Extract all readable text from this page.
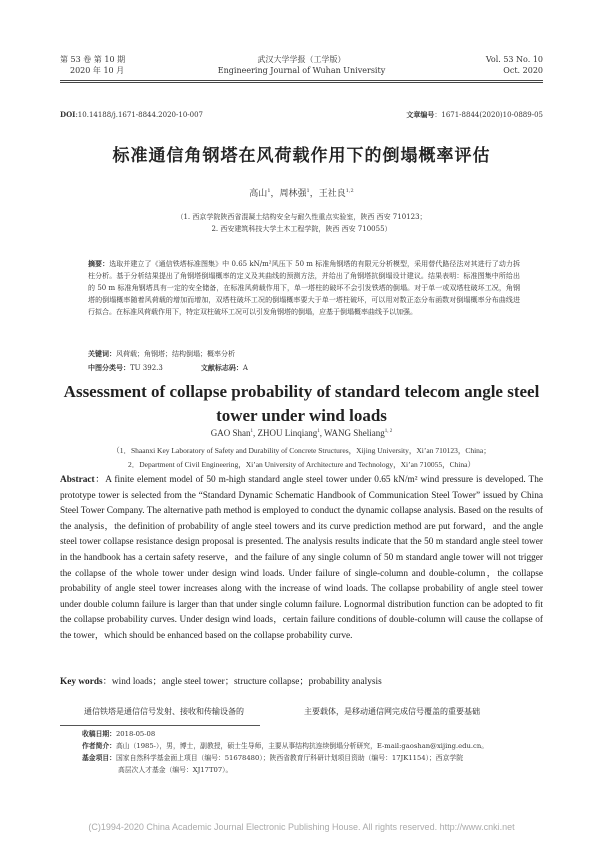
第 53 卷 第 10 期
2020 年 10 月
武汉大学学报（工学版）
Engineering Journal of Wuhan University
Vol. 53 No. 10
Oct. 2020
DOI:10.14188/j.1671-8844.2020-10-007	文章编号：1671-8844(2020)10-0889-05
标准通信角钢塔在风荷载作用下的倒塌概率评估
高山$^1$，周林强$^1$，王社良$^{1,2}$
（1. 西京学院陕西省混凝土结构安全与耐久性重点实验室，陕西 西安 710123；
2. 西安建筑科技大学土木工程学院，陕西 西安 710055）
摘要：选取并建立了《通信铁塔标准图集》中 0.65 kN/m²风压下 50 m 标准角钢塔的有限元分析模型，采用替代路径法对其进行了动力拆柱分析。基于分析结果提出了角钢塔倒塌概率的定义及其曲线的预测方法，并给出了角钢塔抗倒塌设计建议。结果表明：标准图集中所给出的 50 m 标准角钢塔具有一定的安全储备，在标准风荷载作用下，单一塔柱的破坏不会引发铁塔的倒塌。对于单一或双塔柱破坏工况，角钢塔的倒塌概率随着风荷载的增加而增加，双塔柱破坏工况的倒塌概率要大于单一塔柱破坏，可以用对数正态分布函数对倒塌概率分布曲线进行拟合。在标准风荷载作用下，特定双柱破坏工况可以引发角钢塔的倒塌，应基于倒塌概率曲线予以加强。
关键词：风荷载；角钢塔；结构倒塌；概率分析
中图分类号：TU 392.3	文献标志码：A
Assessment of collapse probability of standard telecom angle steel
tower under wind loads
GAO Shan$^1$, ZHOU Linqiang$^1$, WANG Sheliang$^{1, 2}$
（1．Shaanxi Key Laboratory of Safety and Durability of Concrete Structures，Xijing University，Xi’an 710123，China；
2．Department of Civil Engineering，Xi’an University of Architecture and Technology，Xi’an 710055，China）
Abstract：A finite element model of 50 m-high standard angle steel tower under 0.65 kN/m² wind pressure is developed. The prototype tower is selected from the “Standard Dynamic Schematic Handbook of Communication Steel Tower” issued by China Steel Tower Company. The alternative path method is employed to conduct the dynamic collapse analysis. Based on the results of the analysis，the definition of probability of angle steel towers and its curve prediction method are put forward，and the angle steel tower collapse resistance design proposal is presented. The analysis results indicate that the 50 m standard angle steel tower in the handbook has a certain safety reserve，and the failure of any single column of 50 m standard angle tower will not trigger the collapse of the whole tower under design wind loads. Under failure of single-column and double-column，the collapse probability of angle steel tower increases along with the increase of wind loads. The collapse probability of angle steel tower under double column failure is larger than that under single column failure. Lognormal distribution function can be adopted to fit the collapse probability curves. Under design wind loads，certain failure conditions of double-column will cause the collapse of the tower，which should be enhanced based on the collapse probability curve.
Key words：wind loads；angle steel tower；structure collapse；probability analysis
通信铁塔是通信信号发射、接收和传输设备的	主要载体，是移动通信网完成信号覆盖的重要基础
收稿日期：2018-05-08
作者简介：高山（1985-），男，博士，副教授，硕士生导师，主要从事结构抗连续倒塌分析研究，E-mail:gaoshan@xijing.edu.cn。
基金项目：国家自然科学基金面上项目（编号：51678480）；陕西省教育厅科研计划项目资助（编号：17JK1154）；西京学院
高层次人才基金（编号：XJ17T07）。
(C)1994-2020 China Academic Journal Electronic Publishing House. All rights reserved. http://www.cnki.net
